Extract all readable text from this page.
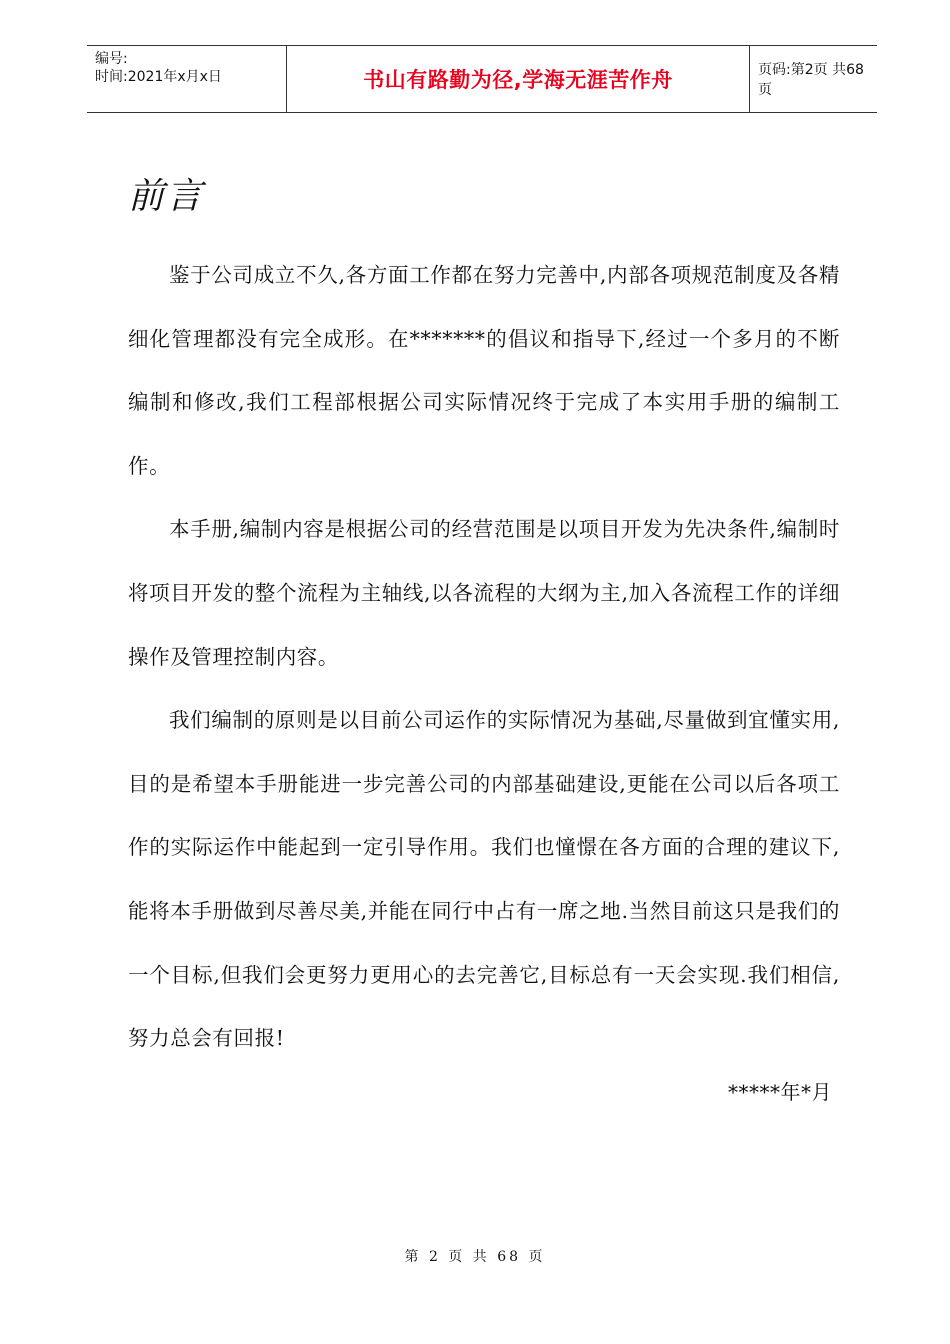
编号:
时间:2021年x月x日	书山有路勤为径,学海无涯苦作舟	页码:第2页 共68页
前言

鉴于公司成立不久,各方面工作都在努力完善中,内部各项规范制度及各精细化管理都没有完全成形。在*******的倡议和指导下,经过一个多月的不断编制和修改,我们工程部根据公司实际情况终于完成了本实用手册的编制工作。

本手册,编制内容是根据公司的经营范围是以项目开发为先决条件,编制时将项目开发的整个流程为主轴线,以各流程的大纲为主,加入各流程工作的详细操作及管理控制内容。

我们编制的原则是以目前公司运作的实际情况为基础,尽量做到宜懂实用,目的是希望本手册能进一步完善公司的内部基础建设,更能在公司以后各项工作的实际运作中能起到一定引导作用。我们也憧憬在各方面的合理的建议下,能将本手册做到尽善尽美,并能在同行中占有一席之地.当然目前这只是我们的一个目标,但我们会更努力更用心的去完善它,目标总有一天会实现.我们相信,努力总会有回报!

*****年*月
第 2 页 共 68 页
